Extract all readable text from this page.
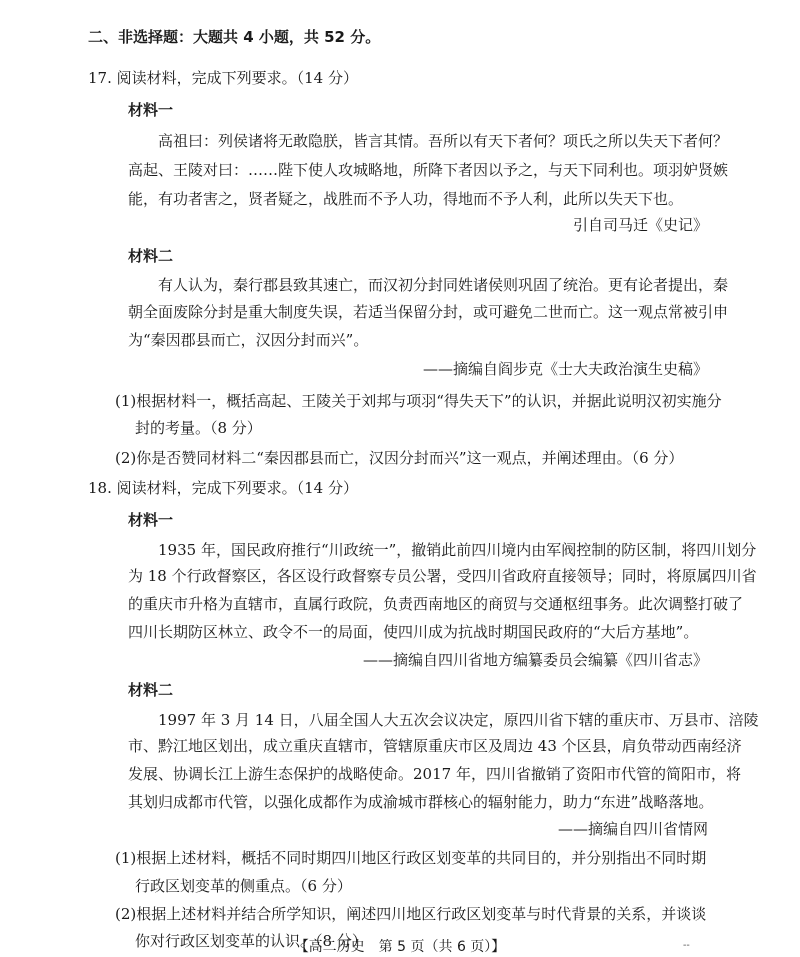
二、非选择题：大题共 4 小题，共 52 分。
17. 阅读材料，完成下列要求。（14 分）
材料一
高祖曰：列侯诸将无敢隐朕，皆言其情。吾所以有天下者何？项氏之所以失天下者何？
高起、王陵对曰：……陛下使人攻城略地，所降下者因以予之，与天下同利也。项羽妒贤嫉
能，有功者害之，贤者疑之，战胜而不予人功，得地而不予人利，此所以失天下也。
引自司马迁《史记》
材料二
有人认为，秦行郡县致其速亡，而汉初分封同姓诸侯则巩固了统治。更有论者提出，秦
朝全面废除分封是重大制度失误，若适当保留分封，或可避免二世而亡。这一观点常被引申
为“秦因郡县而亡，汉因分封而兴”。
——摘编自阎步克《士大夫政治演生史稿》
(1)根据材料一，概括高起、王陵关于刘邦与项羽“得失天下”的认识，并据此说明汉初实施分
封的考量。（8 分）
(2)你是否赞同材料二“秦因郡县而亡，汉因分封而兴”这一观点，并阐述理由。（6 分）
18. 阅读材料，完成下列要求。（14 分）
材料一
1935 年，国民政府推行“川政统一”，撤销此前四川境内由军阀控制的防区制，将四川划分
为 18 个行政督察区，各区设行政督察专员公署，受四川省政府直接领导；同时，将原属四川省
的重庆市升格为直辖市，直属行政院，负责西南地区的商贸与交通枢纽事务。此次调整打破了
四川长期防区林立、政令不一的局面，使四川成为抗战时期国民政府的“大后方基地”。
——摘编自四川省地方编纂委员会编纂《四川省志》
材料二
1997 年 3 月 14 日，八届全国人大五次会议决定，原四川省下辖的重庆市、万县市、涪陵
市、黔江地区划出，成立重庆直辖市，管辖原重庆市区及周边 43 个区县，肩负带动西南经济
发展、协调长江上游生态保护的战略使命。2017 年，四川省撤销了资阳市代管的简阳市，将
其划归成都市代管，以强化成都作为成渝城市群核心的辐射能力，助力“东进”战略落地。
——摘编自四川省情网
(1)根据上述材料，概括不同时期四川地区行政区划变革的共同目的，并分别指出不同时期
行政区划变革的侧重点。（6 分）
(2)根据上述材料并结合所学知识，阐述四川地区行政区划变革与时代背景的关系，并谈谈
你对行政区划变革的认识。（8 分）
【高二历史　第 5 页（共 6 页）】	--
